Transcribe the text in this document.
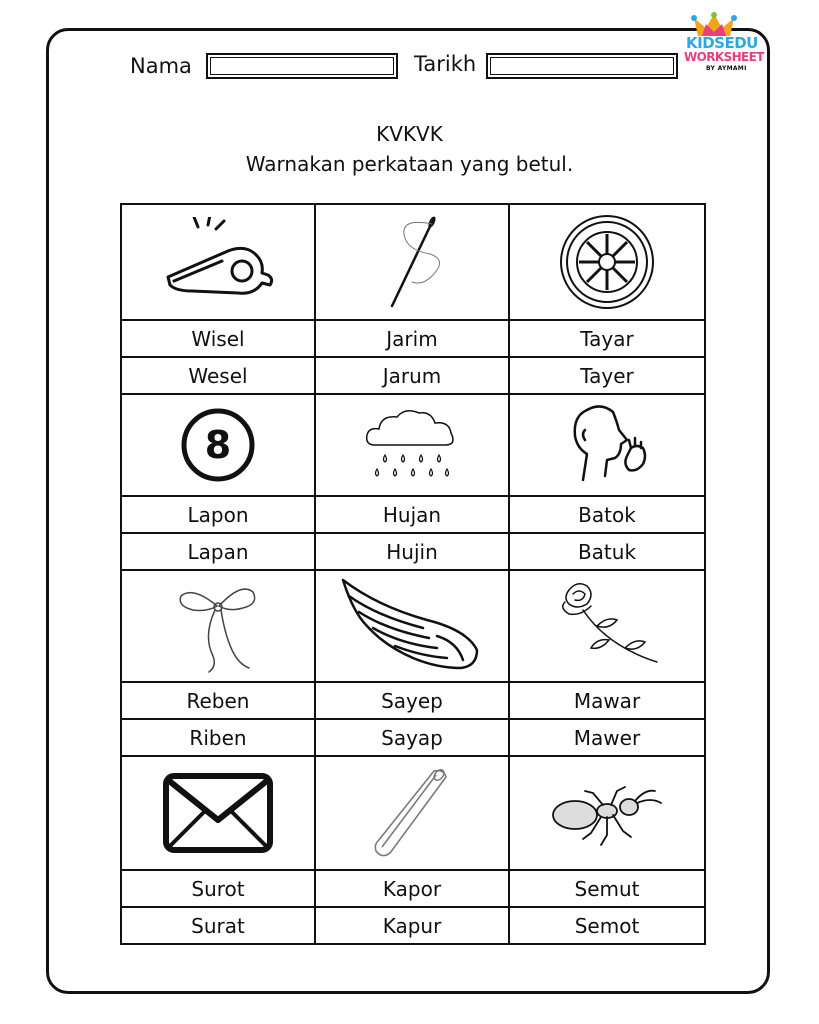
Nama	Tarikh
KIDSEDU
WORKSHEET
BY AYMAMI
KVKVK
Warnakan perkataan yang betul.

Wisel	Jarim	Tayar
Wesel	Jarum	Tayer

8

Lapon	Hujan	Batok
Lapan	Hujin	Batuk

Reben	Sayep	Mawar
Riben	Sayap	Mawer

Surot	Kapor	Semut
Surat	Kapur	Semot
